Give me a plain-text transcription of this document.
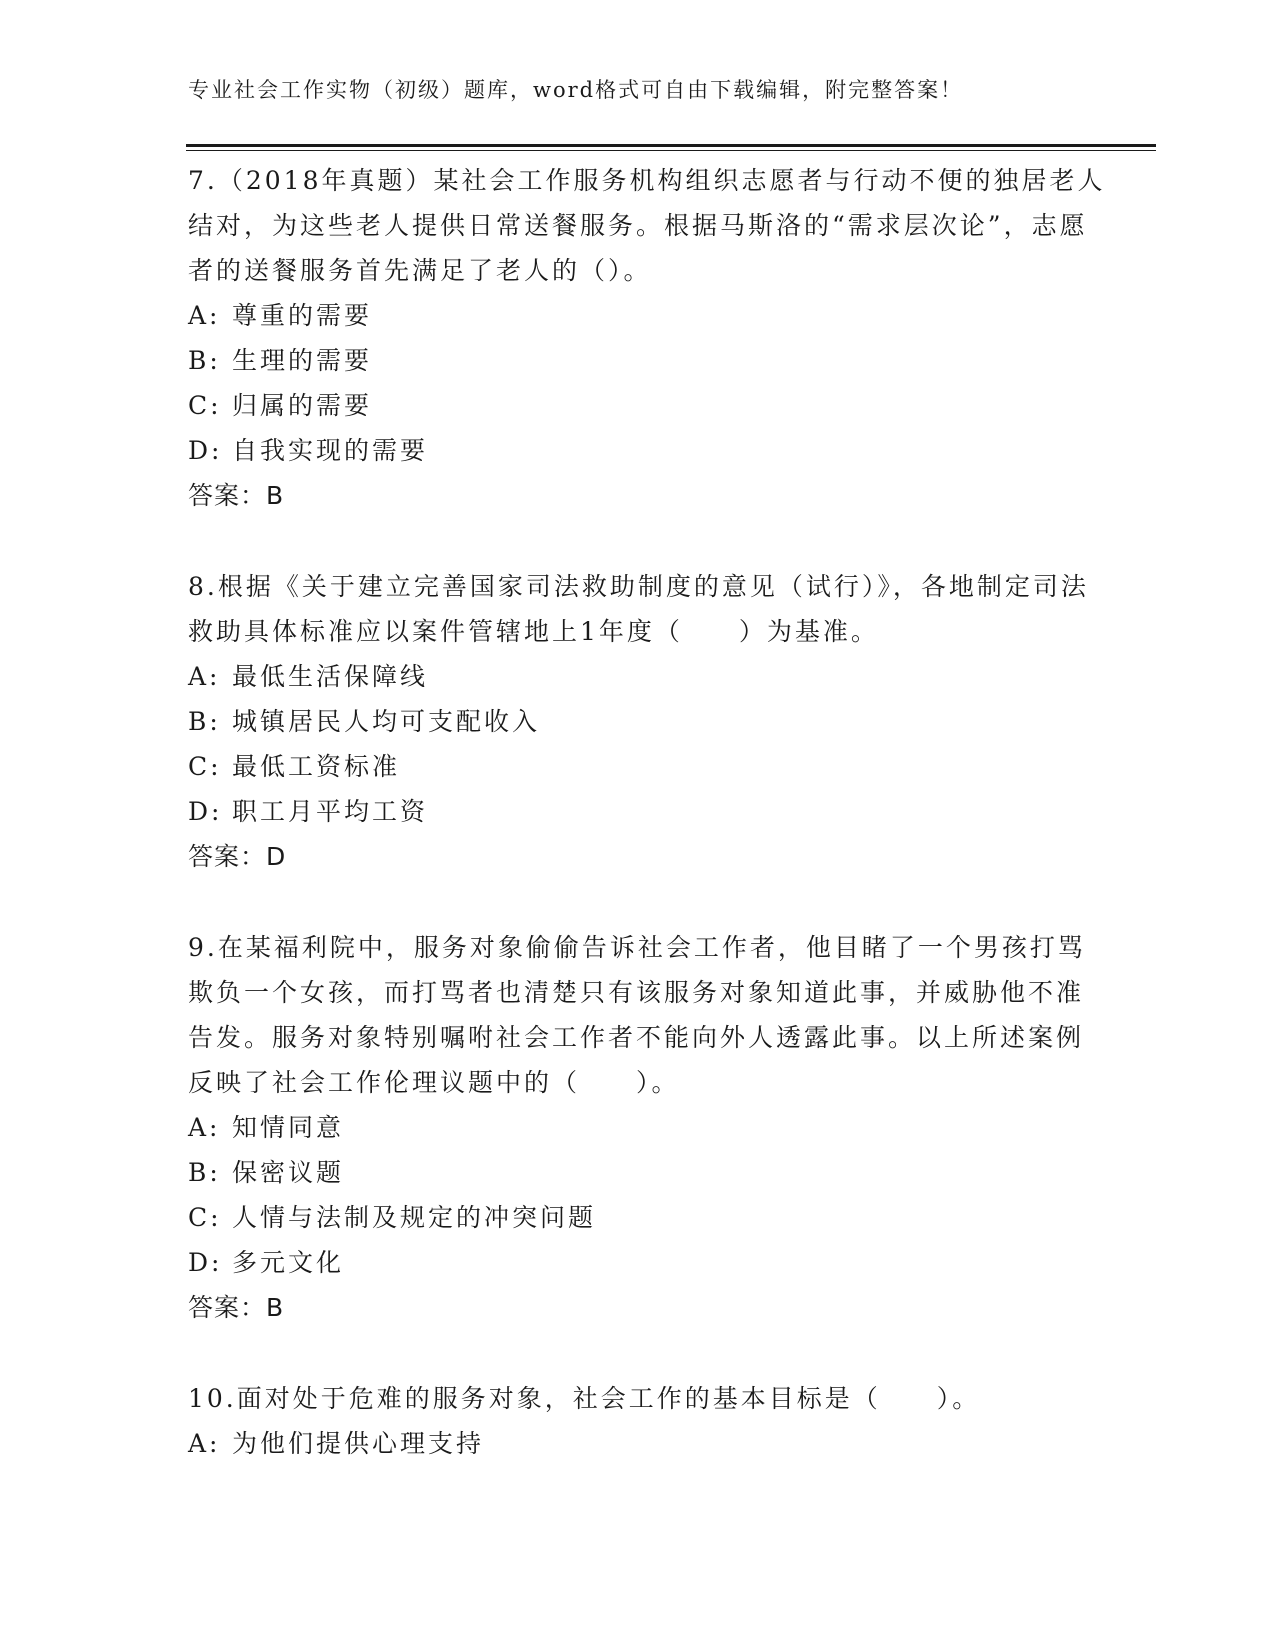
专业社会工作实物（初级）题库，word格式可自由下载编辑，附完整答案！

7.（2018年真题）某社会工作服务机构组织志愿者与行动不便的独居老人结对，为这些老人提供日常送餐服务。根据马斯洛的“需求层次论”，志愿者的送餐服务首先满足了老人的（）。

A: 尊重的需要

B: 生理的需要

C: 归属的需要

D: 自我实现的需要

答案：B

8.根据《关于建立完善国家司法救助制度的意见（试行）》，各地制定司法救助具体标准应以案件管辖地上1年度（　　）为基准。

A: 最低生活保障线

B: 城镇居民人均可支配收入

C: 最低工资标准

D: 职工月平均工资

答案：D

9.在某福利院中，服务对象偷偷告诉社会工作者，他目睹了一个男孩打骂欺负一个女孩，而打骂者也清楚只有该服务对象知道此事，并威胁他不准告发。服务对象特别嘱咐社会工作者不能向外人透露此事。以上所述案例反映了社会工作伦理议题中的（　　）。

A: 知情同意

B: 保密议题

C: 人情与法制及规定的冲突问题

D: 多元文化

答案：B

10.面对处于危难的服务对象，社会工作的基本目标是（　　）。

A: 为他们提供心理支持
